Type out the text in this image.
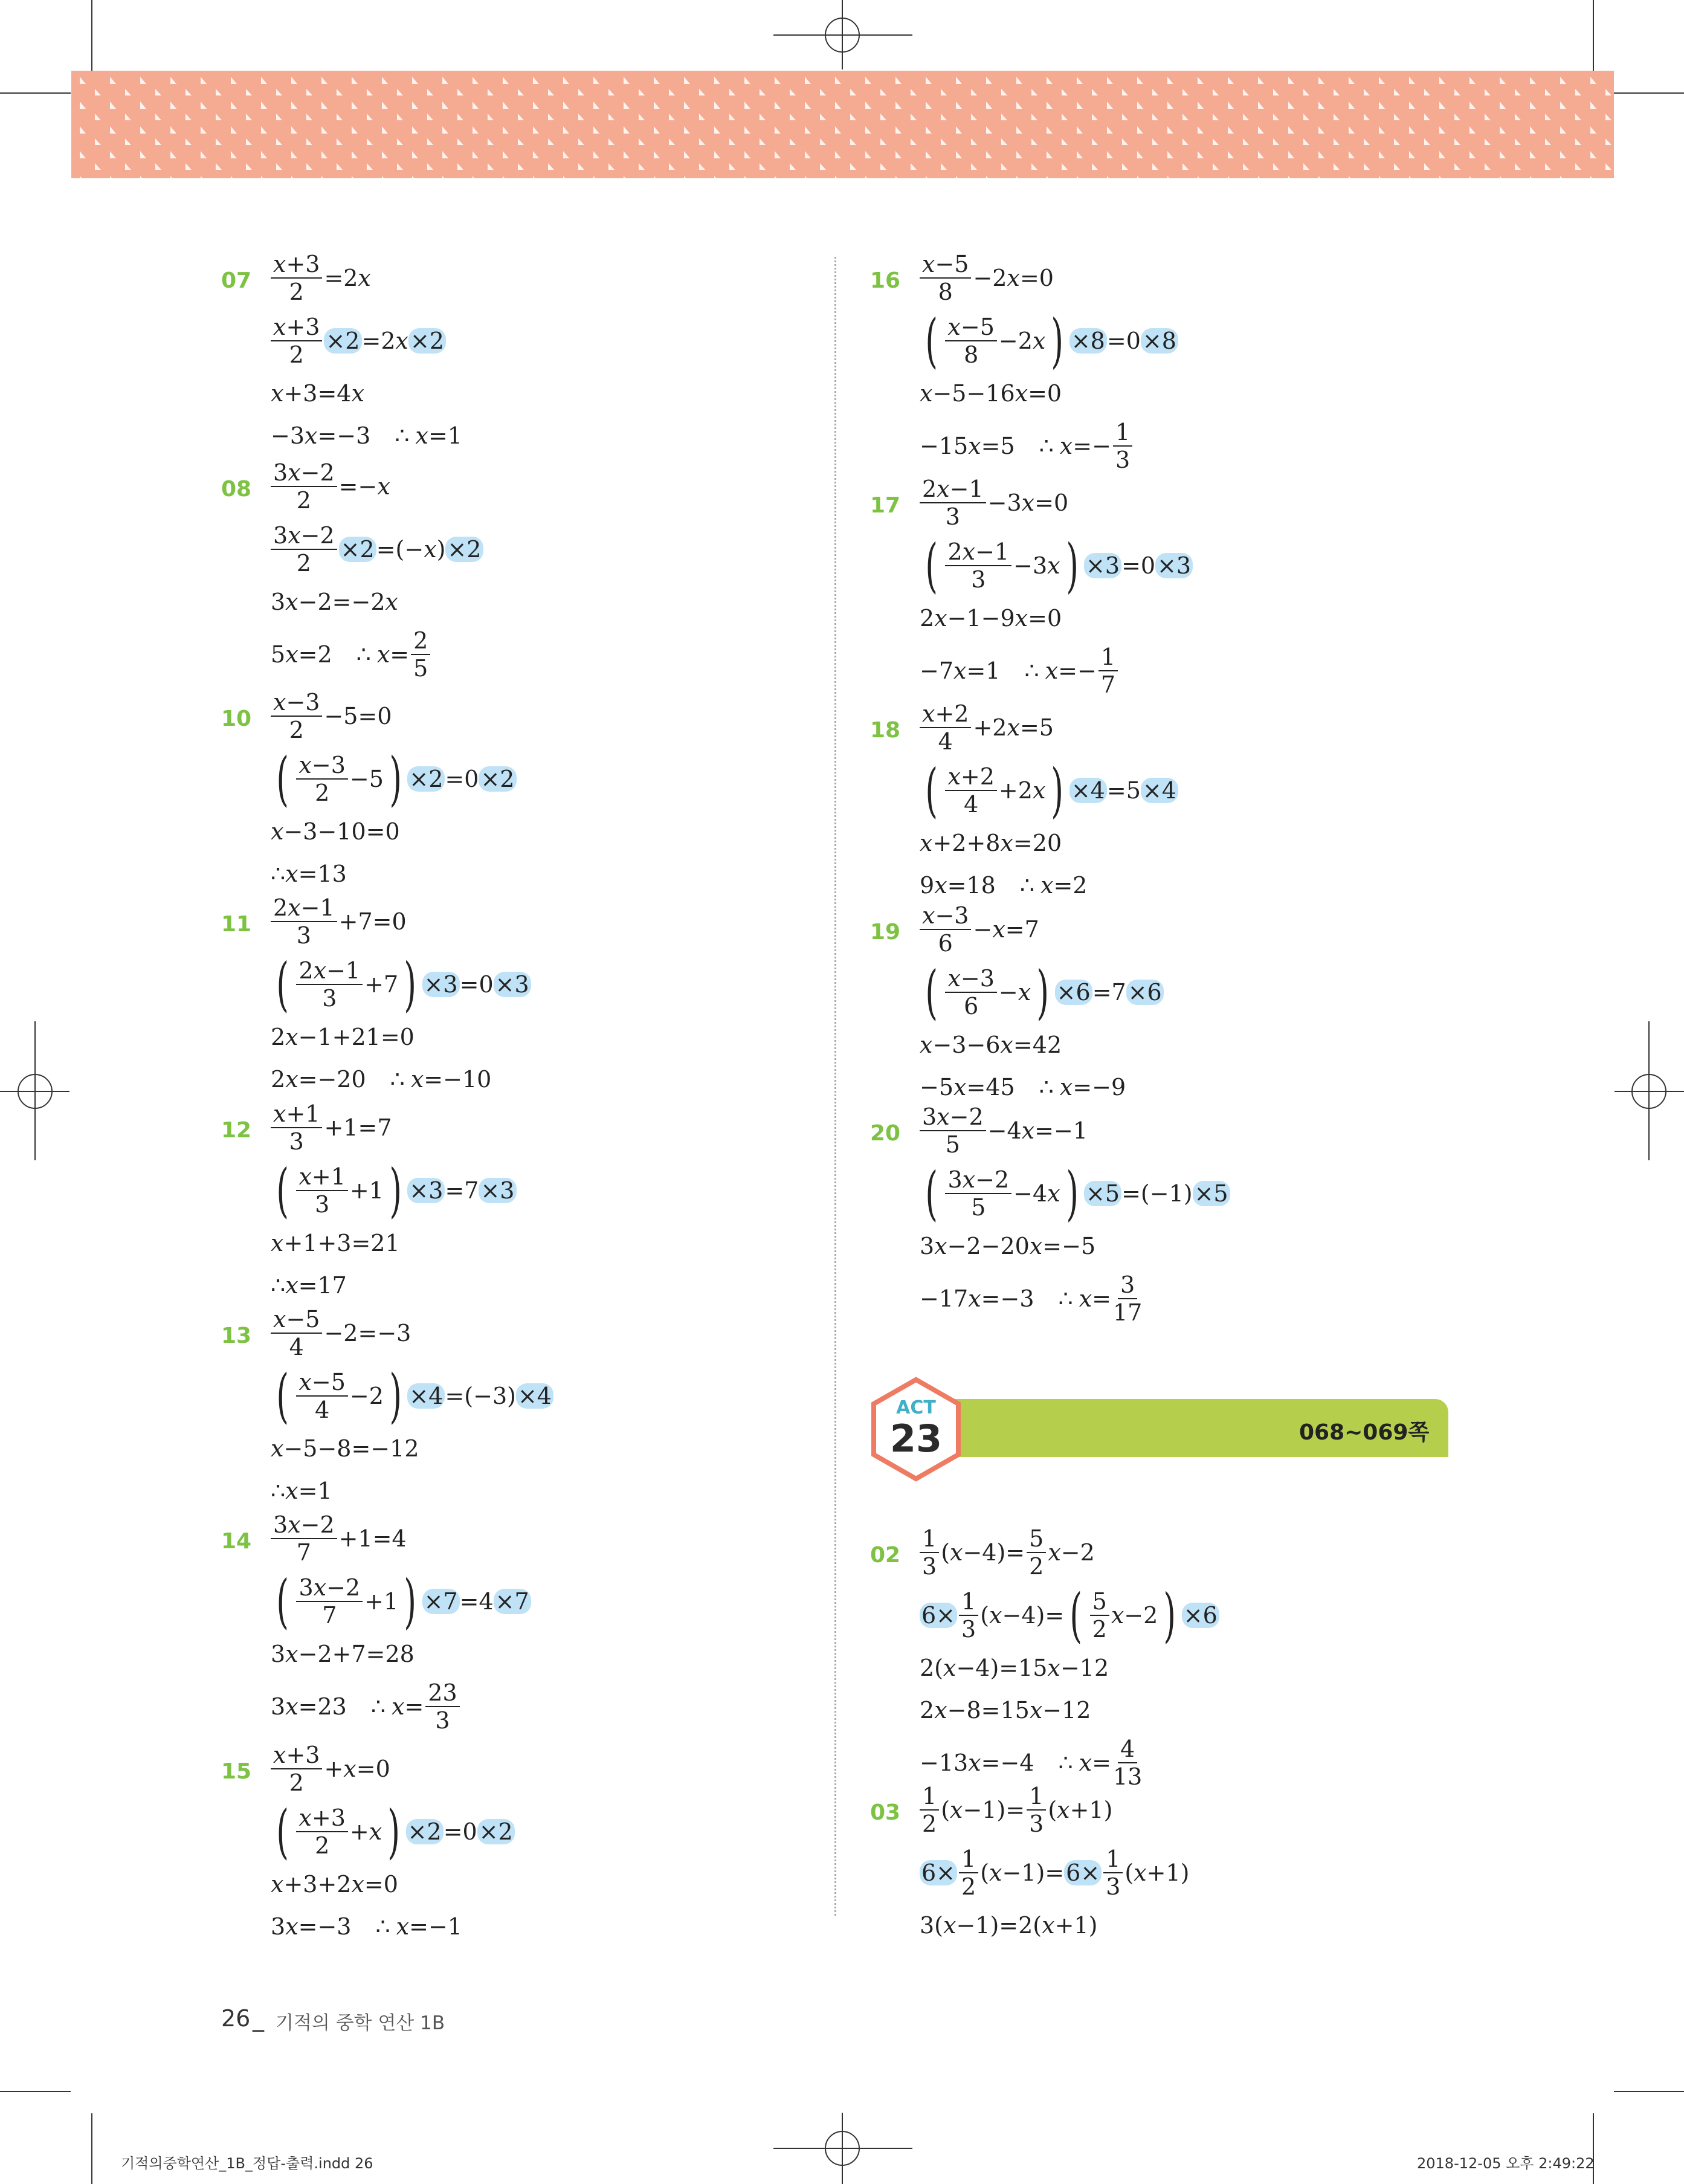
07
x+3
2
=2 x
$\frac{x+3}{2} \times 2 =2$ x ×2
x +3=4 x
−3 x =−3 ∴ x =1
08
3x−2
2
=− x
$\frac{3x-2}{2} \times 2$ =(− x ) ×2
3 x −2=−2 x
5 x =2 ∴ x =
2
5
10
x−3
2
−5=0
( x−3
2
−5 ) ×2 =0 ×2
x −3−10=0
∴ x =13
11
2x−1
3
+7=0
( 2x−1
3
+7 ) ×3 =0 ×3
2 x −1+21=0
2 x =−20 ∴ x =−10
12
x+1
3
+1=7
( x+1
3
+1 ) ×3 =7 ×3
x +1+3=21
∴ x =17
13
x−5
4
−2=−3
( x−5
4
−2 ) ×4 =(−3) ×4
x −5−8=−12
∴ x =1
14
3x−2
7
+1=4
( 3x−2
7
+1 ) ×7 =4 ×7
3 x −2+7=28
3 x =23 ∴ x =
23
3
15
x+3
2
+ x =0
( x+3
2
+ x ) ×2 =0 ×2
x +3+2 x =0
3 x =−3 ∴ x =−1
16
x−5
8
−2 x =0
( x−5
8
−2 x ) ×8 =0 ×8
x −5−16 x =0
−15 x =5 ∴ x =−
1
3
17
2x−1
3
−3 x =0
( 2x−1
3
−3 x ) ×3 =0 ×3
2 x −1−9 x =0
−7 x =1 ∴ x =−
1
7
18
x+2
4
+2 x =5
( x+2
4
+2 x ) ×4 =5 ×4
x +2+8 x =20
9 x =18 ∴ x =2
19
x−3
6
− x =7
( x−3
6
− x ) ×6 =7 ×6
x −3−6 x =42
−5 x =45 ∴ x =−9
20
3x−2
5
−4 x =−1
( 3x−2
5
−4 x ) ×5 =(−1) ×5
3 x −2−20 x =−5
−17 x =−3 ∴ x =
3
17
ACT
23	068~069쪽
02
1
3
( x −4)=
5
2
x −2
$6\times \frac{1}{3}$ ( x −4)= ( 5
2
x −2 ) ×6
2( x −4)=15 x −12
2 x −8=15 x −12
−13 x =−4 ∴ x =
4
13
03
1
2
( x −1)=
1
3
( x +1)
$6\times \frac{1}{2}$ ( $x -1)= 6\times \frac{1}{3}$ ( x +1)
3( x −1)=2( x +1)
26 _ 기적의 중학 연산 1B
기적의중학연산_1B_정답-출력.indd 26	2018-12-05 오후 2:49:22
